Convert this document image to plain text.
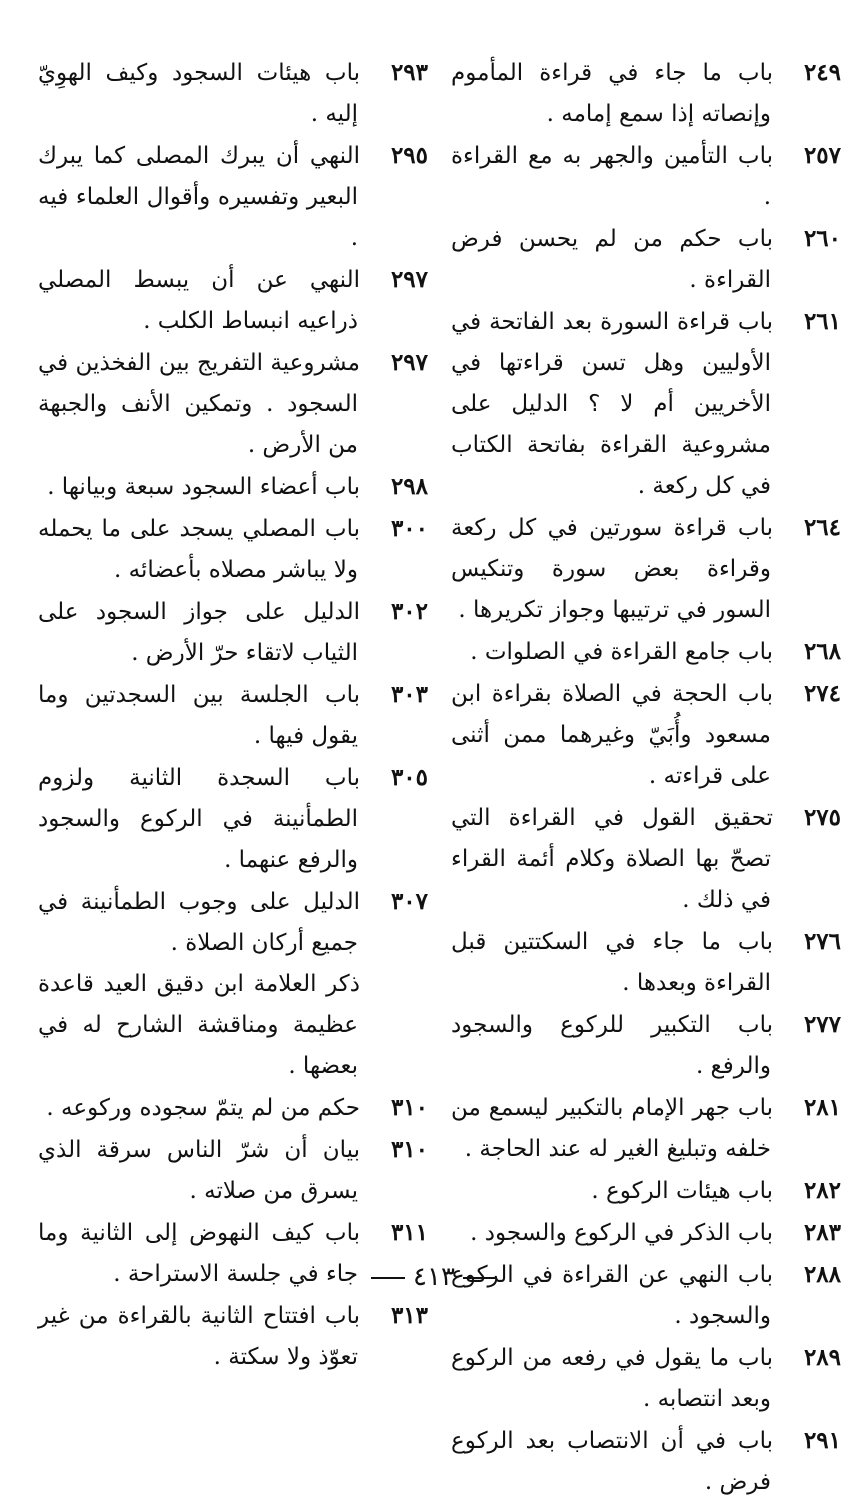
٢٤٩باب ما جاء في قراءة المأموم وإنصاته إذا سمع إمامه .

٢٥٧باب التأمين والجهر به مع القراءة .

٢٦٠باب حكم من لم يحسن فرض القراءة .

٢٦١باب قراءة السورة بعد الفاتحة في الأوليين وهل تسن قراءتها في الأخريين أم لا ؟ الدليل على مشروعية القراءة بفاتحة الكتاب في كل ركعة .

٢٦٤باب قراءة سورتين في كل ركعة وقراءة بعض سورة وتنكيس السور في ترتيبها وجواز تكريرها .

٢٦٨باب جامع القراءة في الصلوات .

٢٧٤باب الحجة في الصلاة بقراءة ابن مسعود وأُبَيّ وغيرهما ممن أثنى على قراءته .

٢٧٥تحقيق القول في القراءة التي تصحّ بها الصلاة وكلام أئمة القراء في ذلك .

٢٧٦باب ما جاء في السكتتين قبل القراءة وبعدها .

٢٧٧باب التكبير للركوع والسجود والرفع .

٢٨١باب جهر الإمام بالتكبير ليسمع من خلفه وتبليغ الغير له عند الحاجة .

٢٨٢باب هيئات الركوع .

٢٨٣باب الذكر في الركوع والسجود .

٢٨٨باب النهي عن القراءة في الركوع والسجود .

٢٨٩باب ما يقول في رفعه من الركوع وبعد انتصابه .

٢٩١باب في أن الانتصاب بعد الركوع فرض .

٢٩٣باب هيئات السجود وكيف الهوِيّ إليه .

٢٩٥النهي أن يبرك المصلى كما يبرك البعير وتفسيره وأقوال العلماء فيه .

٢٩٧النهي عن أن يبسط المصلي ذراعيه انبساط الكلب .

٢٩٧مشروعية التفريج بين الفخذين في السجود . وتمكين الأنف والجبهة من الأرض .

٢٩٨باب أعضاء السجود سبعة وبيانها .

٣٠٠باب المصلي يسجد على ما يحمله ولا يباشر مصلاه بأعضائه .

٣٠٢الدليل على جواز السجود على الثياب لاتقاء حرّ الأرض .

٣٠٣باب الجلسة بين السجدتين وما يقول فيها .

٣٠٥باب السجدة الثانية ولزوم الطمأنينة في الركوع والسجود والرفع عنهما .

٣٠٧الدليل على وجوب الطمأنينة في جميع أركان الصلاة .

ذكر العلامة ابن دقيق العيد قاعدة عظيمة ومناقشة الشارح له في بعضها .

٣١٠حكم من لم يتمّ سجوده وركوعه .

٣١٠بيان أن شرّ الناس سرقة الذي يسرق من صلاته .

٣١١باب كيف النهوض إلى الثانية وما جاء في جلسة الاستراحة .

٣١٣باب افتتاح الثانية بالقراءة من غير تعوّذ ولا سكتة .

٤١٣
